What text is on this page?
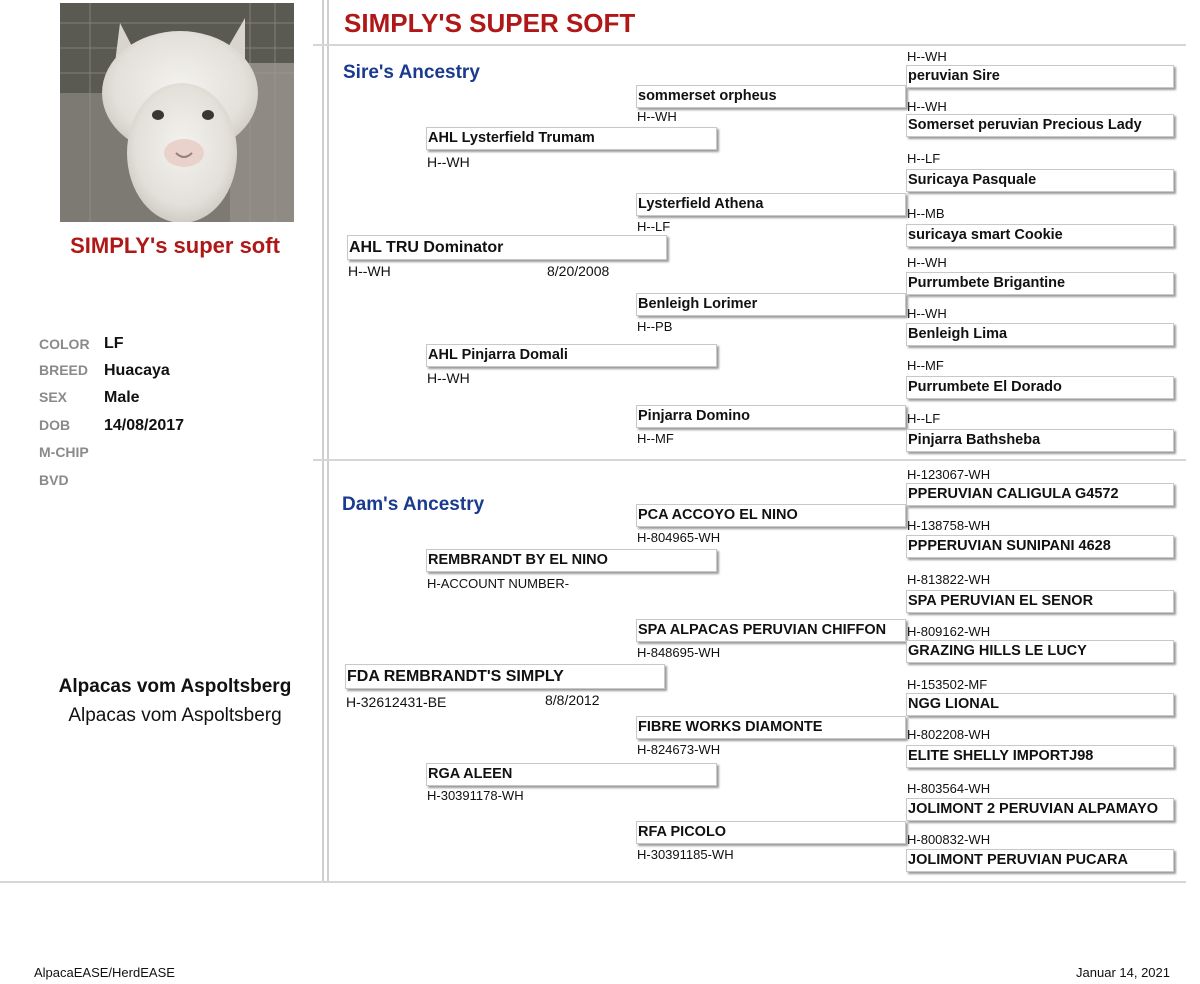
SIMPLY's super soft
COLOR LF
BREED Huacaya
SEX Male
DOB 14/08/2017
M-CHIP
BVD
Alpacas vom Aspoltsberg
Alpacas vom Aspoltsberg
SIMPLY'S SUPER SOFT
Sire's Ancestry
Dam's Ancestry
AHL TRU Dominator
H--WH	8/20/2008
AHL Lysterfield Trumam
H--WH
AHL Pinjarra Domali
H--WH
sommerset orpheus
H--WH
Lysterfield Athena
H--LF
Benleigh Lorimer
H--PB
Pinjarra Domino
H--MF
H--WH
peruvian Sire
H--WH
Somerset peruvian Precious Lady
H--LF
Suricaya Pasquale
H--MB
suricaya smart Cookie
H--WH
Purrumbete Brigantine
H--WH
Benleigh Lima
H--MF
Purrumbete El Dorado
H--LF
Pinjarra Bathsheba
FDA REMBRANDT'S SIMPLY
H-32612431-BE	8/8/2012
REMBRANDT BY EL NINO
H-ACCOUNT NUMBER-
RGA ALEEN
H-30391178-WH
PCA ACCOYO EL NINO
H-804965-WH
SPA ALPACAS PERUVIAN CHIFFON
H-848695-WH
FIBRE WORKS DIAMONTE
H-824673-WH
RFA PICOLO
H-30391185-WH
H-123067-WH
PPERUVIAN CALIGULA G4572
H-138758-WH
PPPERUVIAN SUNIPANI 4628
H-813822-WH
SPA PERUVIAN EL SENOR
H-809162-WH
GRAZING HILLS LE LUCY
H-153502-MF
NGG LIONAL
H-802208-WH
ELITE SHELLY IMPORTJ98
H-803564-WH
JOLIMONT 2 PERUVIAN ALPAMAYO
H-800832-WH
JOLIMONT PERUVIAN PUCARA
AlpacaEASE/HerdEASE	Januar 14, 2021
